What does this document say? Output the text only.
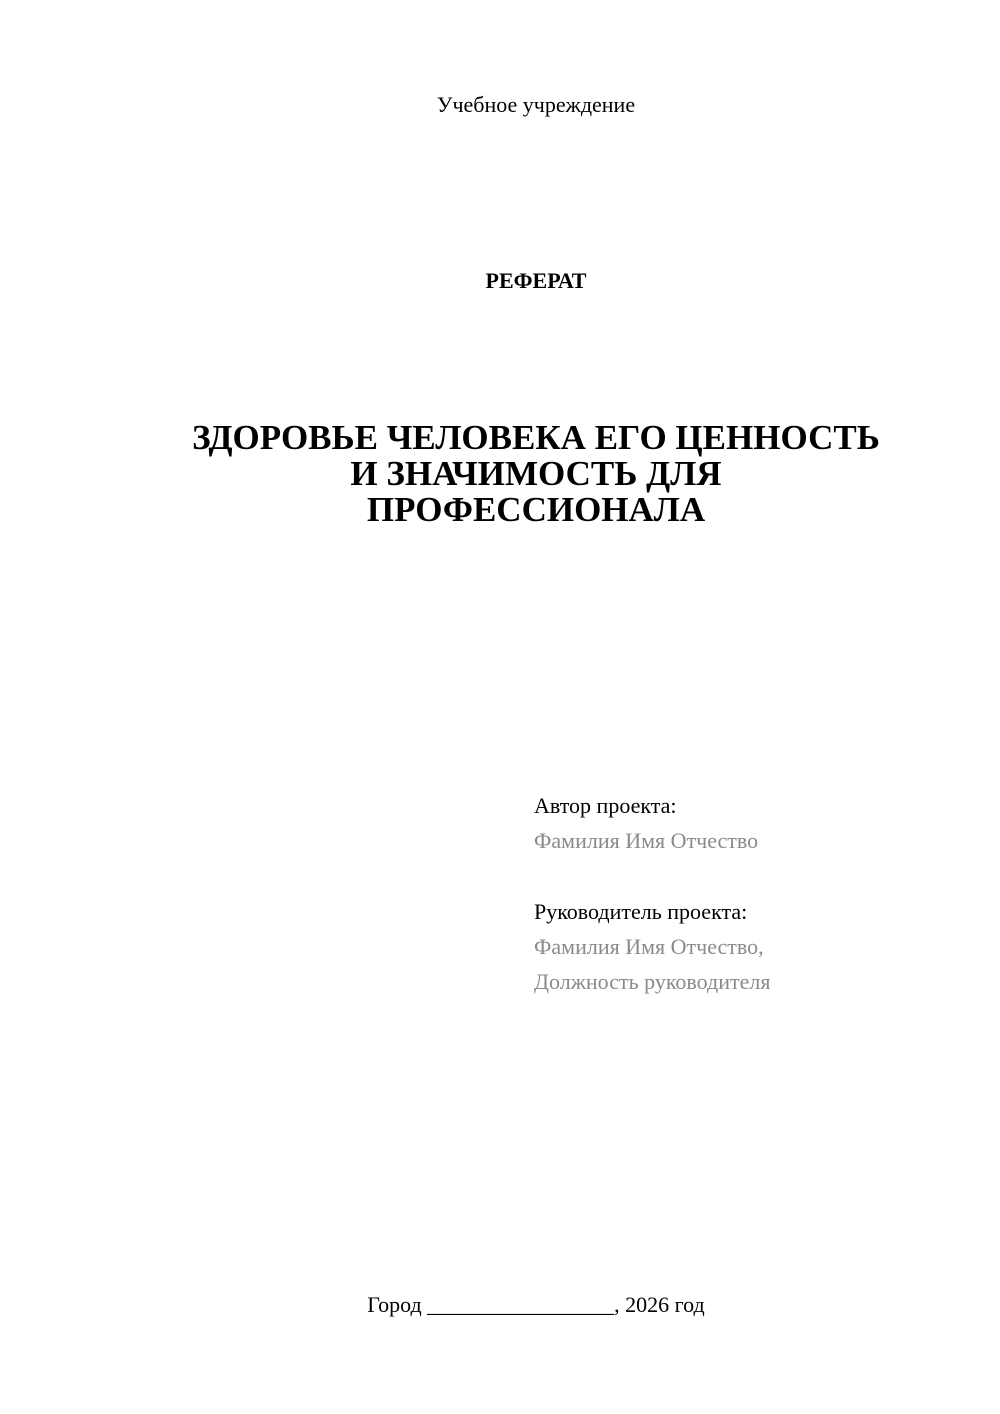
Учебное учреждение
РЕФЕРАТ
ЗДОРОВЬЕ ЧЕЛОВЕКА ЕГО ЦЕННОСТЬ
И ЗНАЧИМОСТЬ ДЛЯ
ПРОФЕССИОНАЛА
Автор проекта:
Фамилия Имя Отчество
Руководитель проекта:
Фамилия Имя Отчество,
Должность руководителя
Город _________________, 2026 год
